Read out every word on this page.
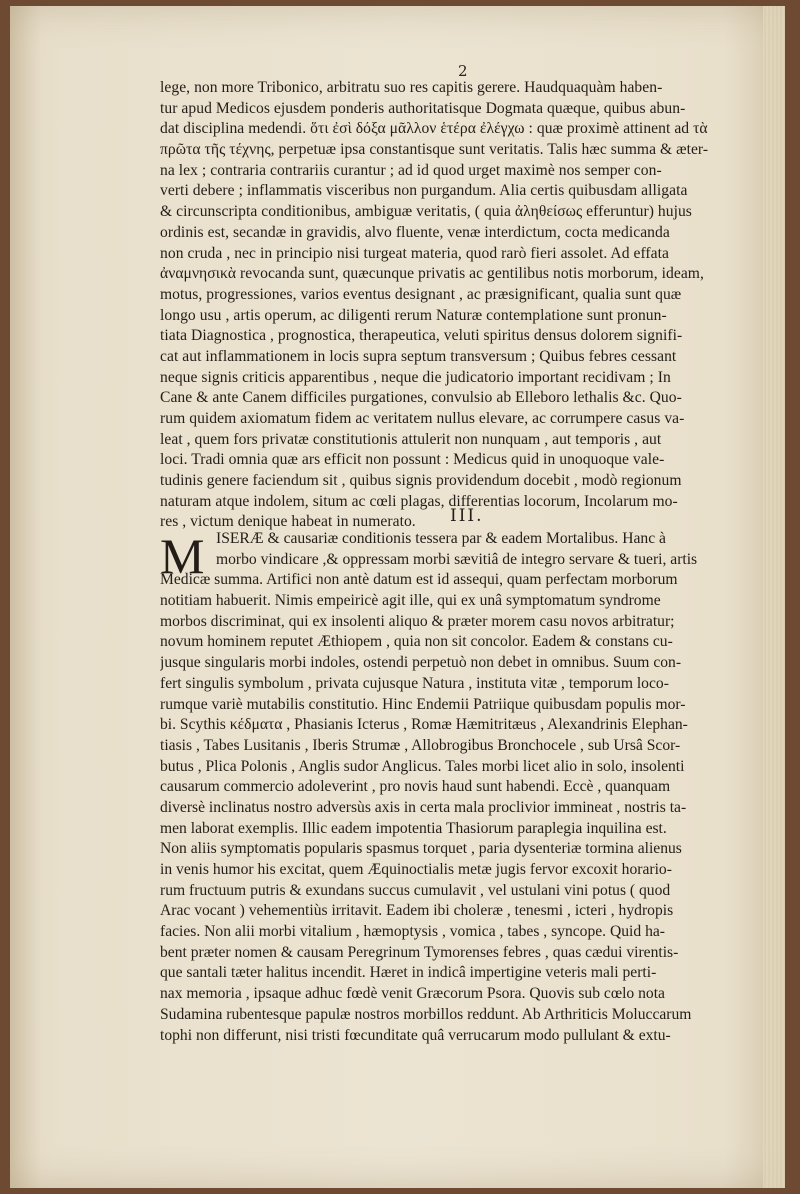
2
lege, non more Tribonico, arbitratu suo res capitis gerere. Haudquaquàm haben-
tur apud Medicos ejusdem ponderis authoritatisque Dogmata quæque, quibus abun-
dat disciplina medendi. ὅτι ἐσὶ δόξα μᾶλλον ἑτέρα ἐλέγχω : quæ proximè attinent ad τὰ
πρῶτα τῆς τέχνης, perpetuæ ipsa constantisque sunt veritatis. Talis hæc summa & æter-
na lex ; contraria contrariis curantur ; ad id quod urget maximè nos semper con-
verti debere ; inflammatis visceribus non purgandum. Alia certis quibusdam alligata
& circunscripta conditionibus, ambiguæ veritatis, ( quia ἀληθείσως efferuntur) hujus
ordinis est, secandæ in gravidis, alvo fluente, venæ interdictum, cocta medicanda
non cruda , nec in principio nisi turgeat materia, quod rarò fieri assolet. Ad effata
ἀναμνησικὰ revocanda sunt, quæcunque privatis ac gentilibus notis morborum, ideam,
motus, progressiones, varios eventus designant , ac præsignificant, qualia sunt quæ
longo usu , artis operum, ac diligenti rerum Naturæ contemplatione sunt pronun-
tiata Diagnostica , prognostica, therapeutica, veluti spiritus densus dolorem signifi-
cat aut inflammationem in locis supra septum transversum ; Quibus febres cessant
neque signis criticis apparentibus , neque die judicatorio important recidivam ; In
Cane & ante Canem difficiles purgationes, convulsio ab Elleboro lethalis &c. Quo-
rum quidem axiomatum fidem ac veritatem nullus elevare, ac corrumpere casus va-
leat , quem fors privatæ constitutionis attulerit non nunquam , aut temporis , aut
loci. Tradi omnia quæ ars efficit non possunt : Medicus quid in unoquoque vale-
tudinis genere faciendum sit , quibus signis providendum docebit , modò regionum
naturam atque indolem, situm ac cœli plagas, differentias locorum, Incolarum mo-
res , victum denique habeat in numerato.	III.
M ISERÆ & causariæ conditionis tessera par & eadem Mortalibus. Hanc à
morbo vindicare ,& oppressam morbi sævitiâ de integro servare & tueri, artis
Medicæ summa. Artifici non antè datum est id assequi, quam perfectam morborum
notitiam habuerit. Nimis empeiricè agit ille, qui ex unâ symptomatum syndrome
morbos discriminat, qui ex insolenti aliquo & præter morem casu novos arbitratur;
novum hominem reputet Æthiopem , quia non sit concolor. Eadem & constans cu-
jusque singularis morbi indoles, ostendi perpetuò non debet in omnibus. Suum con-
fert singulis symbolum , privata cujusque Natura , instituta vitæ , temporum loco-
rumque variè mutabilis constitutio. Hinc Endemii Patriique quibusdam populis mor-
bi. Scythis κέδματα , Phasianis Icterus , Romæ Hæmitritæus , Alexandrinis Elephan-
tiasis , Tabes Lusitanis , Iberis Strumæ , Allobrogibus Bronchocele , sub Ursâ Scor-
butus , Plica Polonis , Anglis sudor Anglicus. Tales morbi licet alio in solo, insolenti
causarum commercio adoleverint , pro novis haud sunt habendi. Eccè , quanquam
diversè inclinatus nostro adversùs axis in certa mala proclivior immineat , nostris ta-
men laborat exemplis. Illic eadem impotentia Thasiorum paraplegia inquilina est.
Non aliis symptomatis popularis spasmus torquet , paria dysenteriæ tormina alienus
in venis humor his excitat, quem Æquinoctialis metæ jugis fervor excoxit horario-
rum fructuum putris & exundans succus cumulavit , vel ustulani vini potus ( quod
Arac vocant ) vehementiùs irritavit. Eadem ibi choleræ , tenesmi , icteri , hydropis
facies. Non alii morbi vitalium , hæmoptysis , vomica , tabes , syncope. Quid ha-
bent præter nomen & causam Peregrinum Tymorenses febres , quas cædui virentis-
que santali tæter halitus incendit. Hæret in indicâ impertigine veteris mali perti-
nax memoria , ipsaque adhuc fœdè venit Græcorum Psora. Quovis sub cœlo nota
Sudamina rubentesque papulæ nostros morbillos reddunt. Ab Arthriticis Moluccarum
tophi non differunt, nisi tristi fœcunditate quâ verrucarum modo pullulant & extu-
